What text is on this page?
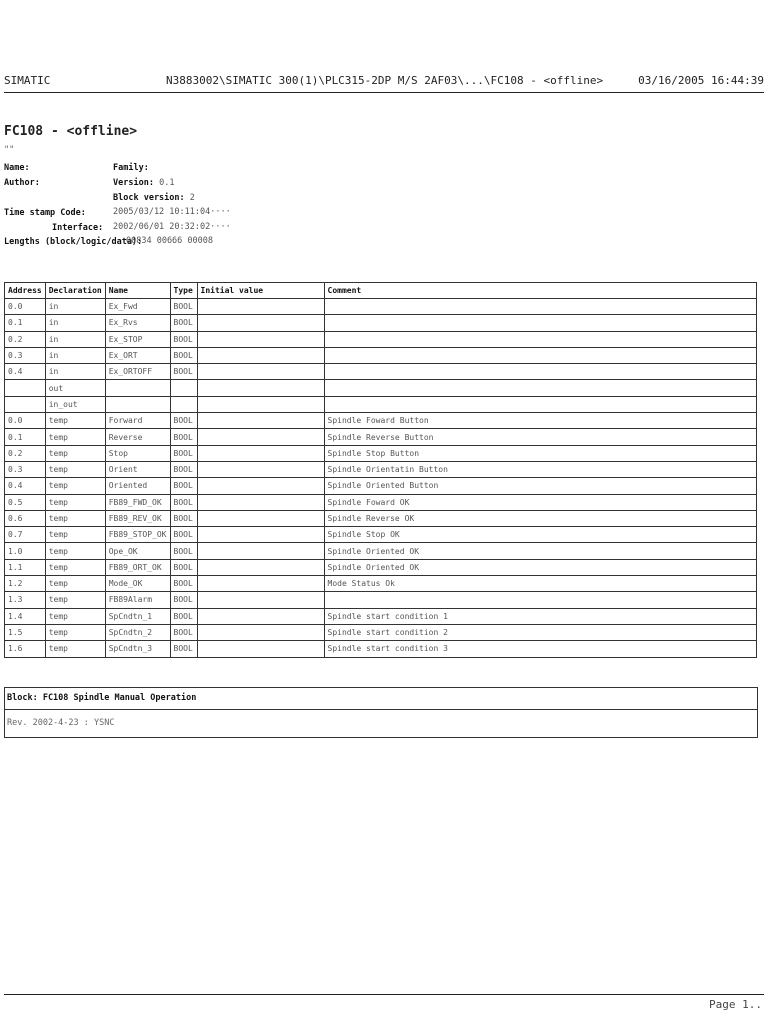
SIMATIC	N3883002\SIMATIC 300(1)\PLC315-2DP M/S 2AF03\...\FC108 - <offline>	03/16/2005 16:44:39
FC108 - <offline>
""
Name:	Family:
Author:	Version: 0.1
Block version: 2
Time stamp Code:	2005/03/12 10:11:04····
Interface: 2002/06/01 20:32:02····
Lengths (block/logic/data):
00834 00666 00008
Address	Declaration	Name	Type	Initial value	Comment
0.0	in	Ex_Fwd	BOOL		
0.1	in	Ex_Rvs	BOOL		
0.2	in	Ex_STOP	BOOL		
0.3	in	Ex_ORT	BOOL		
0.4	in	Ex_ORTOFF	BOOL		
	out				
	in_out				
0.0	temp	Forward	BOOL		Spindle Foward Button
0.1	temp	Reverse	BOOL		Spindle Reverse Button
0.2	temp	Stop	BOOL		Spindle Stop Button
0.3	temp	Orient	BOOL		Spindle Orientatin Button
0.4	temp	Oriented	BOOL		Spindle Oriented Button
0.5	temp	FB89_FWD_OK	BOOL		Spindle Foward OK
0.6	temp	FB89_REV_OK	BOOL		Spindle Reverse OK
0.7	temp	FB89_STOP_OK	BOOL		Spindle Stop OK
1.0	temp	Ope_OK	BOOL		Spindle Oriented OK
1.1	temp	FB89_ORT_OK	BOOL		Spindle Oriented OK
1.2	temp	Mode_OK	BOOL		Mode Status Ok
1.3	temp	FB89Alarm	BOOL		
1.4	temp	SpCndtn_1	BOOL		Spindle start condition 1
1.5	temp	SpCndtn_2	BOOL		Spindle start condition 2
1.6	temp	SpCndtn_3	BOOL		Spindle start condition 3
Block: FC108 Spindle Manual Operation
Rev. 2002-4-23 : YSNC
Page 1..
